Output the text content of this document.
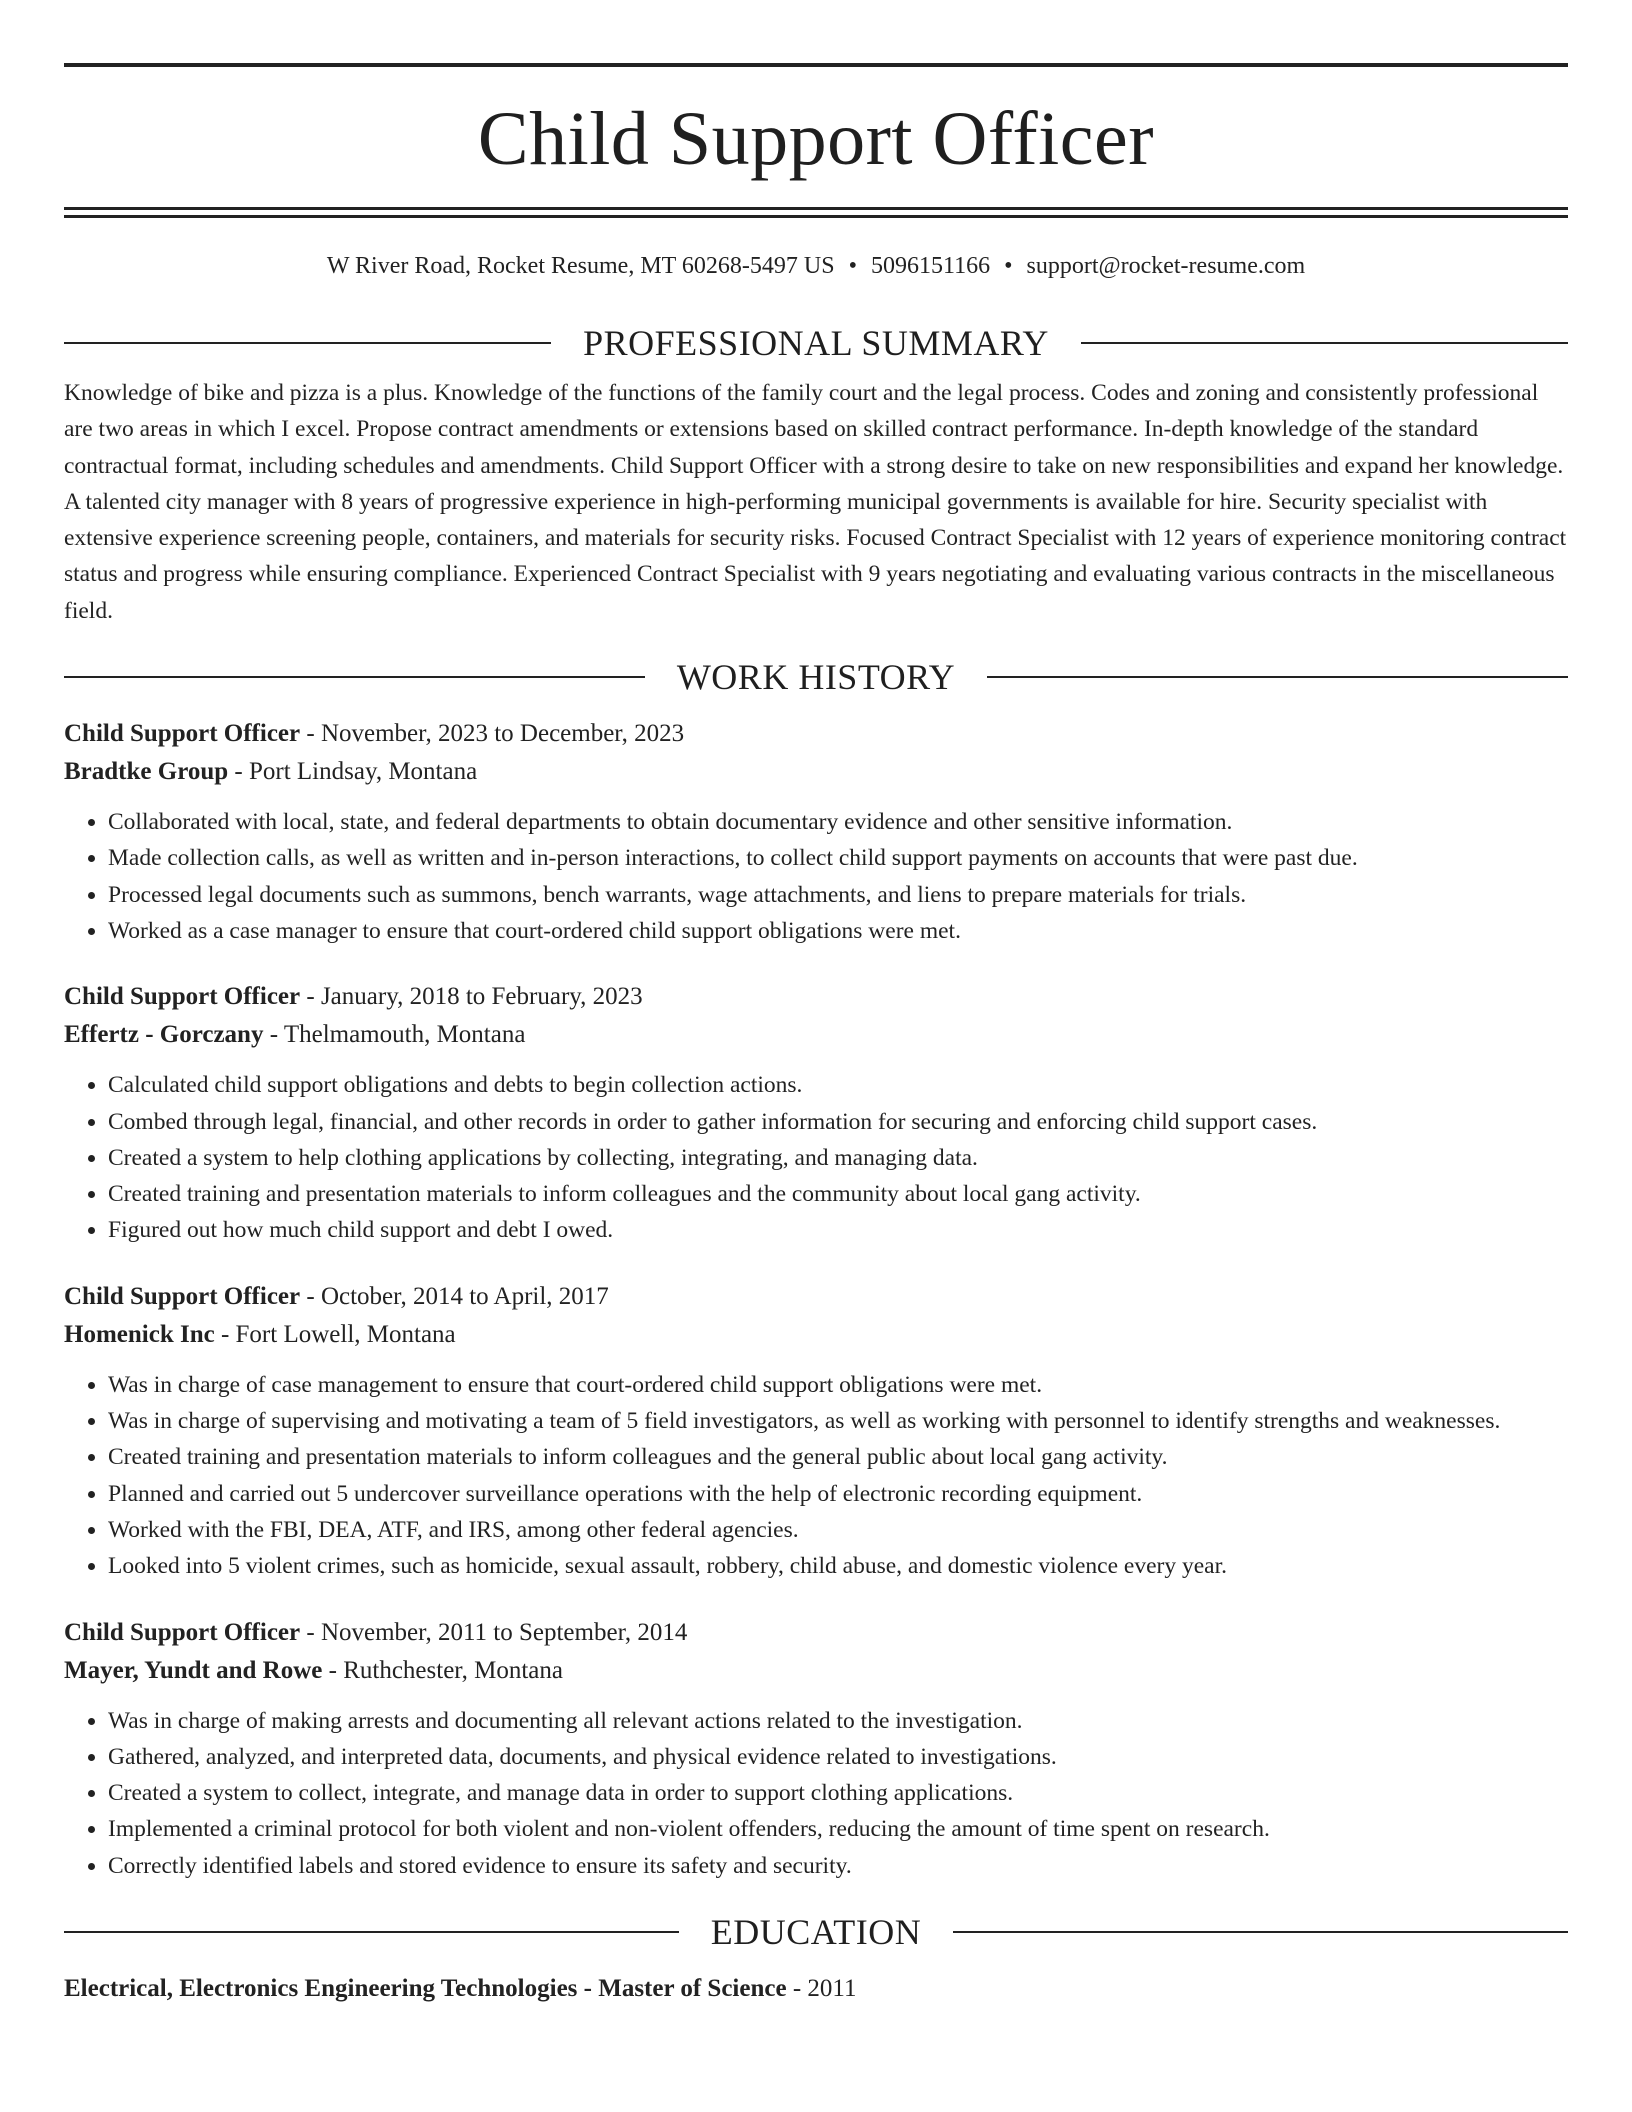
Child Support Officer
W River Road, Rocket Resume, MT 60268-5497 US • 5096151166 • support@rocket-resume.com
PROFESSIONAL SUMMARY
Knowledge of bike and pizza is a plus. Knowledge of the functions of the family court and the legal process. Codes and zoning and consistently professional are two areas in which I excel. Propose contract amendments or extensions based on skilled contract performance. In-depth knowledge of the standard contractual format, including schedules and amendments. Child Support Officer with a strong desire to take on new responsibilities and expand her knowledge. A talented city manager with 8 years of progressive experience in high-performing municipal governments is available for hire. Security specialist with extensive experience screening people, containers, and materials for security risks. Focused Contract Specialist with 12 years of experience monitoring contract status and progress while ensuring compliance. Experienced Contract Specialist with 9 years negotiating and evaluating various contracts in the miscellaneous field.
WORK HISTORY
Child Support Officer - November, 2023 to December, 2023
Bradtke Group - Port Lindsay, Montana
• Collaborated with local, state, and federal departments to obtain documentary evidence and other sensitive information.
• Made collection calls, as well as written and in-person interactions, to collect child support payments on accounts that were past due.
• Processed legal documents such as summons, bench warrants, wage attachments, and liens to prepare materials for trials.
• Worked as a case manager to ensure that court-ordered child support obligations were met.
Child Support Officer - January, 2018 to February, 2023
Effertz - Gorczany - Thelmamouth, Montana
• Calculated child support obligations and debts to begin collection actions.
• Combed through legal, financial, and other records in order to gather information for securing and enforcing child support cases.
• Created a system to help clothing applications by collecting, integrating, and managing data.
• Created training and presentation materials to inform colleagues and the community about local gang activity.
• Figured out how much child support and debt I owed.
Child Support Officer - October, 2014 to April, 2017
Homenick Inc - Fort Lowell, Montana
• Was in charge of case management to ensure that court-ordered child support obligations were met.
• Was in charge of supervising and motivating a team of 5 field investigators, as well as working with personnel to identify strengths and weaknesses.
• Created training and presentation materials to inform colleagues and the general public about local gang activity.
• Planned and carried out 5 undercover surveillance operations with the help of electronic recording equipment.
• Worked with the FBI, DEA, ATF, and IRS, among other federal agencies.
• Looked into 5 violent crimes, such as homicide, sexual assault, robbery, child abuse, and domestic violence every year.
Child Support Officer - November, 2011 to September, 2014
Mayer, Yundt and Rowe - Ruthchester, Montana
• Was in charge of making arrests and documenting all relevant actions related to the investigation.
• Gathered, analyzed, and interpreted data, documents, and physical evidence related to investigations.
• Created a system to collect, integrate, and manage data in order to support clothing applications.
• Implemented a criminal protocol for both violent and non-violent offenders, reducing the amount of time spent on research.
• Correctly identified labels and stored evidence to ensure its safety and security.
EDUCATION
Electrical, Electronics Engineering Technologies - Master of Science - 2011
